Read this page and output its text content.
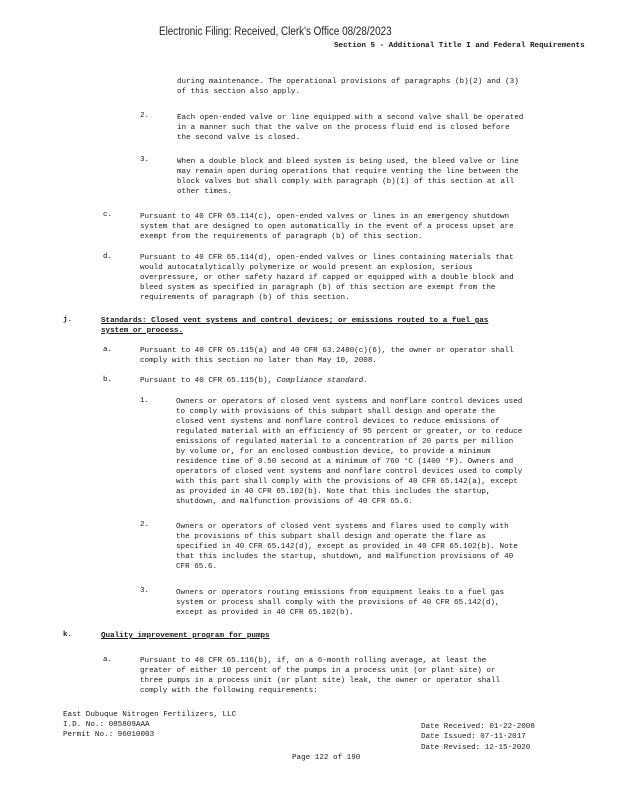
Electronic Filing: Received, Clerk's Office 08/28/2023
Section 5 - Additional Title I and Federal Requirements
during maintenance. The operational provisions of paragraphs (b)(2) and (3)
of this section also apply.
2.	Each open-ended valve or line equipped with a second valve shall be operated
in a manner such that the valve on the process fluid end is closed before
the second valve is closed.
3.	When a double block and bleed system is being used, the bleed valve or line
may remain open during operations that require venting the line between the
block valves but shall comply with paragraph (b)(1) of this section at all
other times.
c.	Pursuant to 40 CFR 65.114(c), open-ended valves or lines in an emergency shutdown
system that are designed to open automatically in the event of a process upset are
exempt from the requirements of paragraph (b) of this section.
d.	Pursuant to 40 CFR 65.114(d), open-ended valves or lines containing materials that
would autocatalytically polymerize or would present an explosion, serious
overpressure, or other safety hazard if capped or equipped with a double block and
bleed system as specified in paragraph (b) of this section are exempt from the
requirements of paragraph (b) of this section.
j.	Standards: Closed vent systems and control devices; or emissions routed to a fuel gas
system or process.
a.	Pursuant to 40 CFR 65.115(a) and 40 CFR 63.2480(c)(6), the owner or operator shall
comply with this section no later than May 10, 2008.
b.	Pursuant to 40 CFR 65.115(b), Compliance standard.
1.	Owners or operators of closed vent systems and nonflare control devices used
to comply with provisions of this subpart shall design and operate the
closed vent systems and nonflare control devices to reduce emissions of
regulated material with an efficiency of 95 percent or greater, or to reduce
emissions of regulated material to a concentration of 20 parts per million
by volume or, for an enclosed combustion device, to provide a minimum
residence time of 0.50 second at a minimum of 760 °C (1400 °F). Owners and
operators of closed vent systems and nonflare control devices used to comply
with this part shall comply with the provisions of 40 CFR 65.142(a), except
as provided in 40 CFR 65.102(b). Note that this includes the startup,
shutdown, and malfunction provisions of 40 CFR 65.6.
2.	Owners or operators of closed vent systems and flares used to comply with
the provisions of this subpart shall design and operate the flare as
specified in 40 CFR 65.142(d), except as provided in 40 CFR 65.102(b). Note
that this includes the startup, shutdown, and malfunction provisions of 40
CFR 65.6.
3.	Owners or operators routing emissions from equipment leaks to a fuel gas
system or process shall comply with the provisions of 40 CFR 65.142(d),
except as provided in 40 CFR 65.102(b).
k.	Quality improvement program for pumps
a.	Pursuant to 40 CFR 65.116(b), if, on a 6-month rolling average, at least the
greater of either 10 percent of the pumps in a process unit (or plant site) or
three pumps in a process unit (or plant site) leak, the owner or operator shall
comply with the following requirements:
East Dubuque Nitrogen Fertilizers, LLC
I.D. No.: 085809AAA
Permit No.: 96010003
Date Received: 01-22-2008
Date Issued: 07-11-2017
Date Revised: 12-15-2020
Page 122 of 190
